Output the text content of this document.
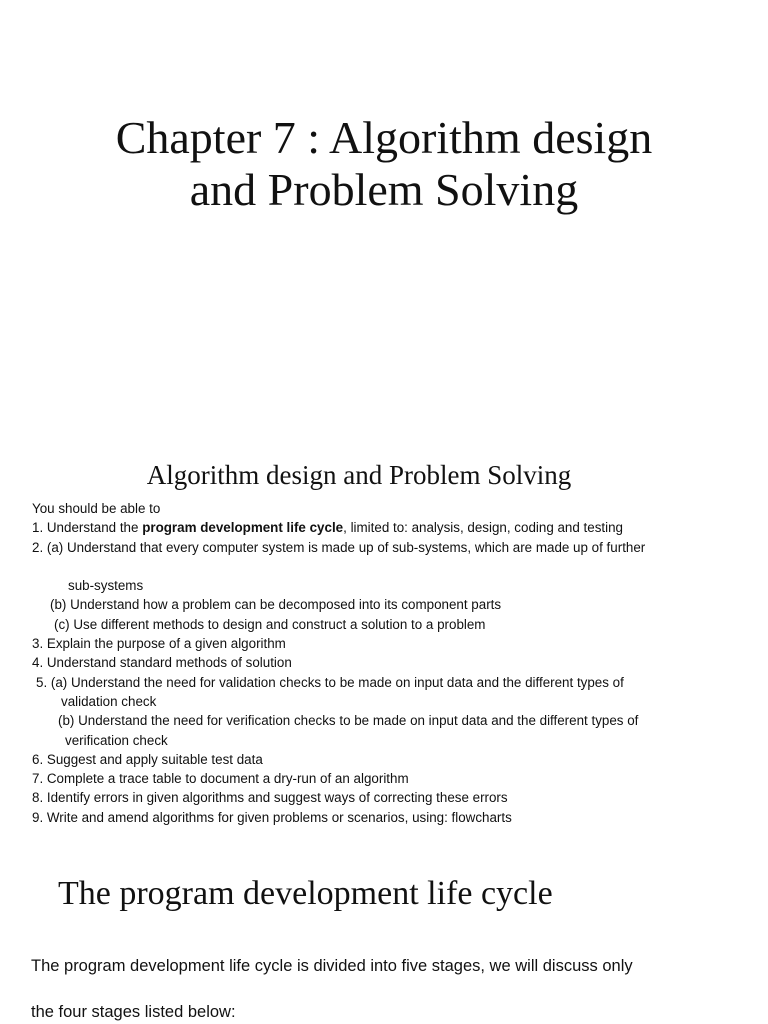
Chapter 7 : Algorithm design
and Problem Solving
Algorithm design and Problem Solving
You should be able to
1. Understand the program development life cycle, limited to: analysis, design, coding and testing
2. (a) Understand that every computer system is made up of sub-systems, which are made up of further
sub-systems
(b) Understand how a problem can be decomposed into its component parts
(c) Use different methods to design and construct a solution to a problem
3. Explain the purpose of a given algorithm
4. Understand standard methods of solution
5. (a) Understand the need for validation checks to be made on input data and the different types of
validation check
(b) Understand the need for verification checks to be made on input data and the different types of
verification check
6. Suggest and apply suitable test data
7. Complete a trace table to document a dry-run of an algorithm
8. Identify errors in given algorithms and suggest ways of correcting these errors
9. Write and amend algorithms for given problems or scenarios, using: flowcharts
The program development life cycle
The program development life cycle is divided into five stages, we will discuss only
the four stages listed below:
